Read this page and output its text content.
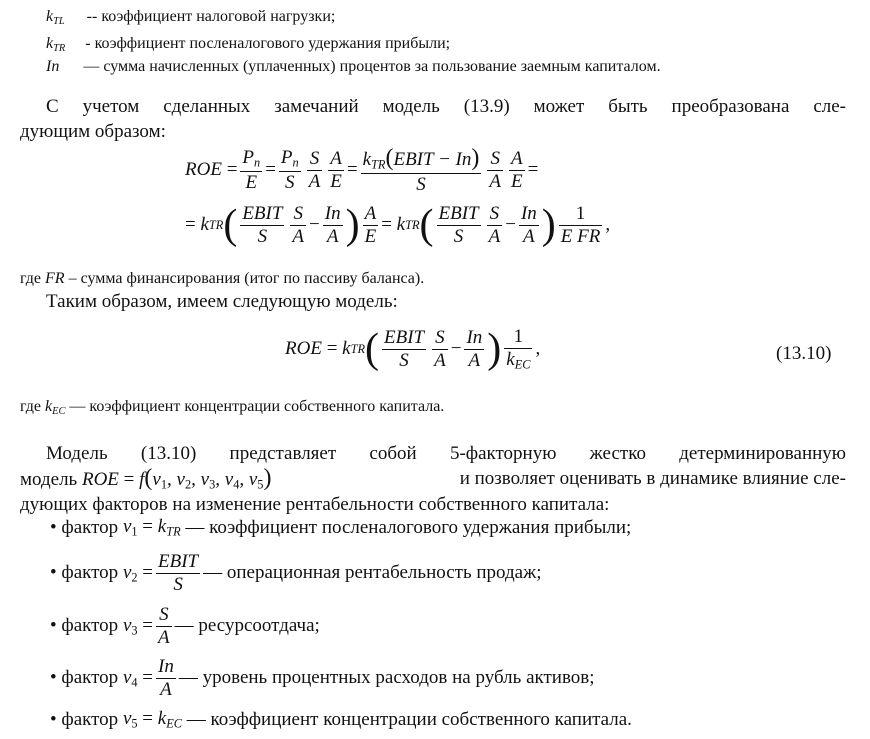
$k_{TL}$ -- коэффициент налоговой нагрузки;
$k_{TR}$ - коэффициент посленалогового удержания прибыли;
In — сумма начисленных (уплаченных) процентов за пользование заемным капиталом.
С учетом сделанных замечаний модель (13.9) может быть преобразована сле-
дующим образом:
ROE
= $\frac{P_n}{E} = \frac{P_n}{S} \frac{S}{A} \frac{A}{E} = \frac{k_{TR}(EBIT - In)}{S} \frac{S}{A} \frac{A}{E}$ =
=
k TR ( $\frac{\text{EBIT}}{S} \frac{S}{A} - \frac{In}{A}$ ) $\frac{A}{E}$ =
k TR ( $\frac{\text{EBIT}}{S} \frac{S}{A} - \frac{In}{A}$ ) $\frac{1}{\text{E FR}}$ ,
где FR – сумма финансирования (итог по пассиву баланса).
Таким образом, имеем следующую модель:
ROE
=
k TR ( $\frac{\text{EBIT}}{S} \frac{S}{A} - \frac{In}{A}$ ) $\frac{1}{k_{EC}}$ ,	(13.10)
где $k_{EC}$ — коэффициент концентрации собственного капитала.
Модель (13.10) представляет собой 5-факторную жестко детерминированную
модель ROE = $f(v_1$, $v_2$, $v_3$, $v_4$, $v_5$)	и позволяет оценивать в динамике влияние сле-
дующих факторов на изменение рентабельности собственного капитала:
• фактор
$v_1 = k_{TR}$
— коэффициент посленалогового удержания прибыли;
• фактор
$v_2 = \frac{\text{EBIT}}{S}$ — операционная рентабельность продаж;
• фактор
$v_3 = \frac{S}{A}$ — ресурсоотдача;
• фактор
$v_4 = \frac{In}{A}$ — уровень процентных расходов на рубль активов;
• фактор
$v_5 = k_{EC}$
— коэффициент концентрации собственного капитала.
